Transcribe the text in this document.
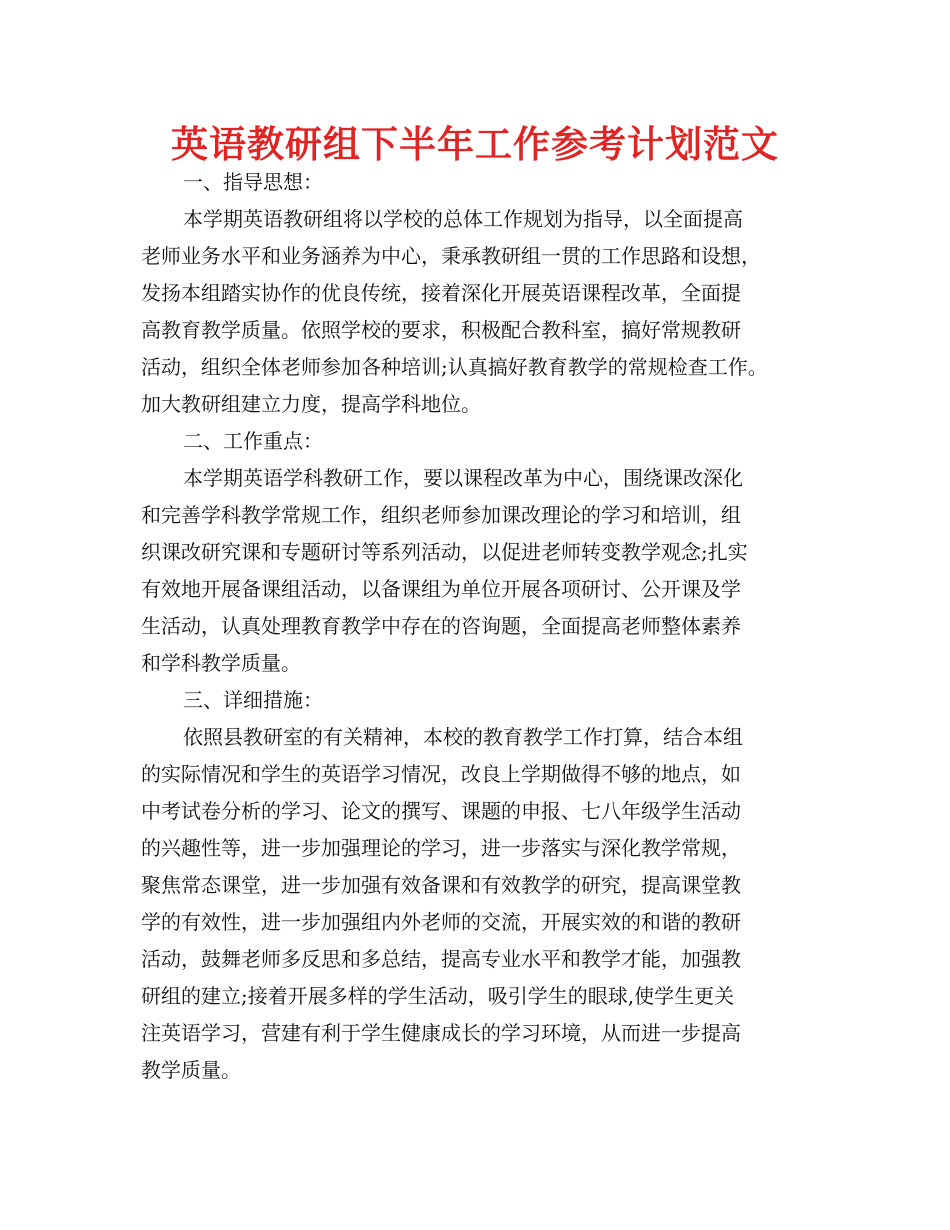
英语教研组下半年工作参考计划范文
一、指导思想：
本学期英语教研组将以学校的总体工作规划为指导，以全面提高
老师业务水平和业务涵养为中心，秉承教研组一贯的工作思路和设想，
发扬本组踏实协作的优良传统，接着深化开展英语课程改革，全面提
高教育教学质量。依照学校的要求，积极配合教科室，搞好常规教研
活动，组织全体老师参加各种培训;认真搞好教育教学的常规检查工作。
加大教研组建立力度，提高学科地位。
二、工作重点：
本学期英语学科教研工作，要以课程改革为中心，围绕课改深化
和完善学科教学常规工作，组织老师参加课改理论的学习和培训，组
织课改研究课和专题研讨等系列活动，以促进老师转变教学观念;扎实
有效地开展备课组活动，以备课组为单位开展各项研讨、公开课及学
生活动，认真处理教育教学中存在的咨询题，全面提高老师整体素养
和学科教学质量。
三、详细措施：
依照县教研室的有关精神，本校的教育教学工作打算，结合本组
的实际情况和学生的英语学习情况，改良上学期做得不够的地点，如
中考试卷分析的学习、论文的撰写、课题的申报、七八年级学生活动
的兴趣性等，进一步加强理论的学习，进一步落实与深化教学常规，
聚焦常态课堂，进一步加强有效备课和有效教学的研究，提高课堂教
学的有效性，进一步加强组内外老师的交流，开展实效的和谐的教研
活动，鼓舞老师多反思和多总结，提高专业水平和教学才能，加强教
研组的建立;接着开展多样的学生活动，吸引学生的眼球,使学生更关
注英语学习，营建有利于学生健康成长的学习环境，从而进一步提高
教学质量。
